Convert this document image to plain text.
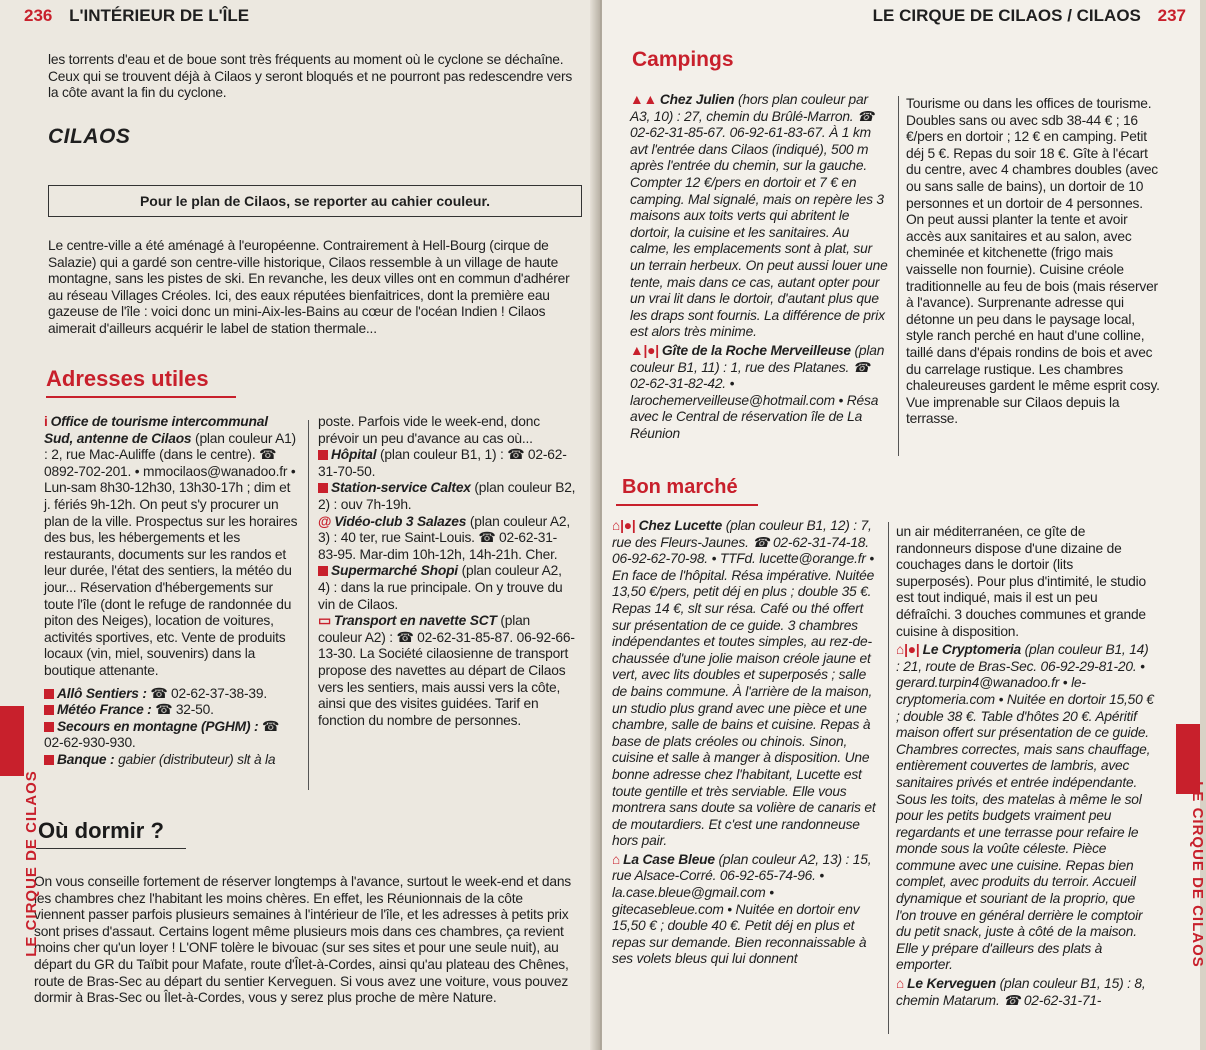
236 L'INTÉRIEUR DE L'ÎLE

les torrents d'eau et de boue sont très fréquents au moment où le cyclone se déchaîne. Ceux qui se trouvent déjà à Cilaos y seront bloqués et ne pourront pas redescendre vers la côte avant la fin du cyclone.

CILAOS
Pour le plan de Cilaos, se reporter au cahier couleur.

Le centre-ville a été aménagé à l'européenne. Contrairement à Hell-Bourg (cirque de Salazie) qui a gardé son centre-ville historique, Cilaos ressemble à un village de haute montagne, sans les pistes de ski. En revanche, les deux villes ont en commun d'adhérer au réseau Villages Créoles. Ici, des eaux réputées bienfaitrices, dont la première eau gazeuse de l'île : voici donc un mini-Aix-les-Bains au cœur de l'océan Indien ! Cilaos aimerait d'ailleurs acquérir le label de station thermale...

Adresses utiles

i Office de tourisme intercommunal Sud, antenne de Cilaos (plan couleur A1) : 2, rue Mac-Auliffe (dans le centre). ☎ 0892-702-201. • mmocilaos@wanadoo.fr • Lun-sam 8h30-12h30, 13h30-17h ; dim et j. fériés 9h-12h. On peut s'y procurer un plan de la ville. Prospectus sur les horaires des bus, les hébergements et les restaurants, documents sur les randos et leur durée, l'état des sentiers, la météo du jour... Réservation d'hébergements sur toute l'île (dont le refuge de randonnée du piton des Neiges), location de voitures, activités sportives, etc. Vente de produits locaux (vin, miel, souvenirs) dans la boutique attenante.

Allô Sentiers : ☎ 02-62-37-38-39.

Météo France : ☎ 32-50.

Secours en montagne (PGHM) : ☎ 02-62-930-930.

Banque : gabier (distributeur) slt à la

poste. Parfois vide le week-end, donc prévoir un peu d'avance au cas où...

Hôpital (plan couleur B1, 1) : ☎ 02-62-31-70-50.

Station-service Caltex (plan couleur B2, 2) : ouv 7h-19h.

@ Vidéo-club 3 Salazes (plan couleur A2, 3) : 40 ter, rue Saint-Louis. ☎ 02-62-31-83-95. Mar-dim 10h-12h, 14h-21h. Cher.

Supermarché Shopi (plan couleur A2, 4) : dans la rue principale. On y trouve du vin de Cilaos.

▭ Transport en navette SCT (plan couleur A2) : ☎ 02-62-31-85-87. 06-92-66-13-30. La Société cilaosienne de transport propose des navettes au départ de Cilaos vers les sentiers, mais aussi vers la côte, ainsi que des visites guidées. Tarif en fonction du nombre de personnes.

Où dormir ?

On vous conseille fortement de réserver longtemps à l'avance, surtout le week-end et dans les chambres chez l'habitant les moins chères. En effet, les Réunionnais de la côte viennent passer parfois plusieurs semaines à l'intérieur de l'île, et les adresses à petits prix sont prises d'assaut. Certains logent même plusieurs mois dans ces chambres, ça revient moins cher qu'un loyer ! L'ONF tolère le bivouac (sur ses sites et pour une seule nuit), au départ du GR du Taïbit pour Mafate, route d'Îlet-à-Cordes, ainsi qu'au plateau des Chênes, route de Bras-Sec au départ du sentier Kerveguen. Si vous avez une voiture, vous pouvez dormir à Bras-Sec ou Îlet-à-Cordes, vous y serez plus proche de mère Nature.

LE CIRQUE DE CILAOS
LE CIRQUE DE CILAOS / CILAOS 237
Campings

▲▲ Chez Julien (hors plan couleur par A3, 10) : 27, chemin du Brûlé-Marron. ☎ 02-62-31-85-67. 06-92-61-83-67. À 1 km avt l'entrée dans Cilaos (indiqué), 500 m après l'entrée du chemin, sur la gauche. Compter 12 €/pers en dortoir et 7 € en camping. Mal signalé, mais on repère les 3 maisons aux toits verts qui abritent le dortoir, la cuisine et les sanitaires. Au calme, les emplacements sont à plat, sur un terrain herbeux. On peut aussi louer une tente, mais dans ce cas, autant opter pour un vrai lit dans le dortoir, d'autant plus que les draps sont fournis. La différence de prix est alors très minime.

▲|●| Gîte de la Roche Merveilleuse (plan couleur B1, 11) : 1, rue des Platanes. ☎ 02-62-31-82-42. • larochemerveilleuse@hotmail.com • Résa avec le Central de réservation île de La Réunion

Tourisme ou dans les offices de tourisme. Doubles sans ou avec sdb 38-44 € ; 16 €/pers en dortoir ; 12 € en camping. Petit déj 5 €. Repas du soir 18 €. Gîte à l'écart du centre, avec 4 chambres doubles (avec ou sans salle de bains), un dortoir de 10 personnes et un dortoir de 4 personnes. On peut aussi planter la tente et avoir accès aux sanitaires et au salon, avec cheminée et kitchenette (frigo mais vaisselle non fournie). Cuisine créole traditionnelle au feu de bois (mais réserver à l'avance). Surprenante adresse qui détonne un peu dans le paysage local, style ranch perché en haut d'une colline, taillé dans d'épais rondins de bois et avec du carrelage rustique. Les chambres chaleureuses gardent le même esprit cosy. Vue imprenable sur Cilaos depuis la terrasse.

Bon marché

⌂|●| Chez Lucette (plan couleur B1, 12) : 7, rue des Fleurs-Jaunes. ☎ 02-62-31-74-18. 06-92-62-70-98. • TTFd. lucette@orange.fr • En face de l'hôpital. Résa impérative. Nuitée 13,50 €/pers, petit déj en plus ; double 35 €. Repas 14 €, slt sur résa. Café ou thé offert sur présentation de ce guide. 3 chambres indépendantes et toutes simples, au rez-de-chaussée d'une jolie maison créole jaune et vert, avec lits doubles et superposés ; salle de bains commune. À l'arrière de la maison, un studio plus grand avec une pièce et une chambre, salle de bains et cuisine. Repas à base de plats créoles ou chinois. Sinon, cuisine et salle à manger à disposition. Une bonne adresse chez l'habitant, Lucette est toute gentille et très serviable. Elle vous montrera sans doute sa volière de canaris et de moutardiers. Et c'est une randonneuse hors pair.

⌂ La Case Bleue (plan couleur A2, 13) : 15, rue Alsace-Corré. 06-92-65-74-96. • la.case.bleue@gmail.com • gitecasebleue.com • Nuitée en dortoir env 15,50 € ; double 40 €. Petit déj en plus et repas sur demande. Bien reconnaissable à ses volets bleus qui lui donnent

un air méditerranéen, ce gîte de randonneurs dispose d'une dizaine de couchages dans le dortoir (lits superposés). Pour plus d'intimité, le studio est tout indiqué, mais il est un peu défraîchi. 3 douches communes et grande cuisine à disposition.

⌂|●| Le Cryptomeria (plan couleur B1, 14) : 21, route de Bras-Sec. 06-92-29-81-20. • gerard.turpin4@wanadoo.fr • le-cryptomeria.com • Nuitée en dortoir 15,50 € ; double 38 €. Table d'hôtes 20 €. Apéritif maison offert sur présentation de ce guide. Chambres correctes, mais sans chauffage, entièrement couvertes de lambris, avec sanitaires privés et entrée indépendante. Sous les toits, des matelas à même le sol pour les petits budgets vraiment peu regardants et une terrasse pour refaire le monde sous la voûte céleste. Pièce commune avec une cuisine. Repas bien complet, avec produits du terroir. Accueil dynamique et souriant de la proprio, que l'on trouve en général derrière le comptoir du petit snack, juste à côté de la maison. Elle y prépare d'ailleurs des plats à emporter.

⌂ Le Kerveguen (plan couleur B1, 15) : 8, chemin Matarum. ☎ 02-62-31-71-

LE CIRQUE DE CILAOS
